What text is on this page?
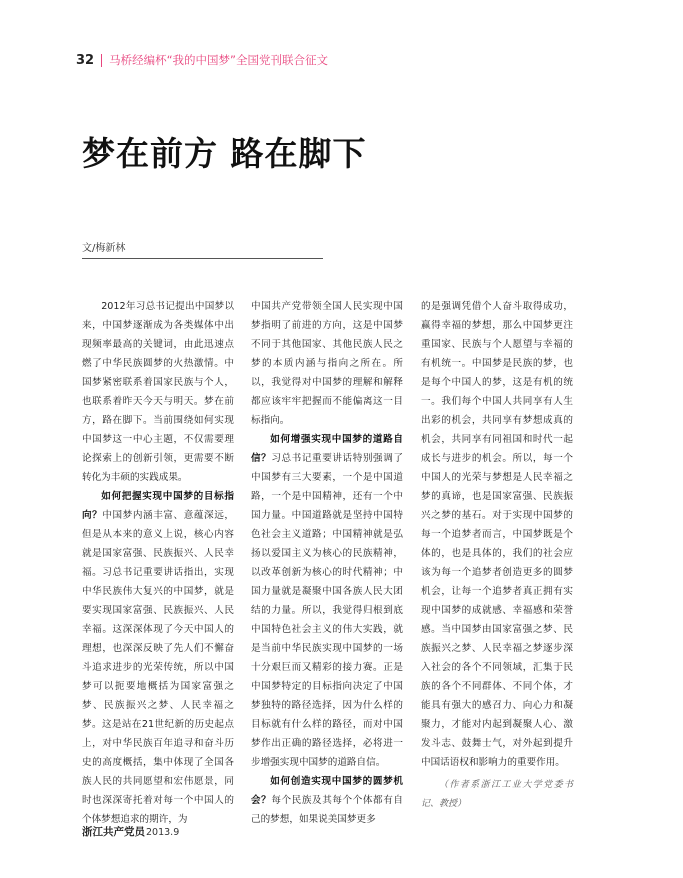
32 马桥经编杯“我的中国梦”全国党刊联合征文
梦在前方 路在脚下
文/梅新林

2012年习总书记提出中国梦以来，中国梦逐渐成为各类媒体中出现频率最高的关键词，由此迅速点燃了中华民族圆梦的火热激情。中国梦紧密联系着国家民族与个人，也联系着昨天今天与明天。梦在前方，路在脚下。当前围绕如何实现中国梦这一中心主题，不仅需要理论探索上的创新引领，更需要不断转化为丰硕的实践成果。

如何把握实现中国梦的目标指向？中国梦内涵丰富、意蕴深远，但是从本来的意义上说，核心内容就是国家富强、民族振兴、人民幸福。习总书记重要讲话指出，实现中华民族伟大复兴的中国梦，就是要实现国家富强、民族振兴、人民幸福。这深深体现了今天中国人的理想，也深深反映了先人们不懈奋斗追求进步的光荣传统，所以中国梦可以扼要地概括为国家富强之梦、民族振兴之梦、人民幸福之梦。这是站在21世纪新的历史起点上，对中华民族百年追寻和奋斗历史的高度概括，集中体现了全国各族人民的共同愿望和宏伟愿景，同时也深深寄托着对每一个中国人的个体梦想追求的期许，为

中国共产党带领全国人民实现中国梦指明了前进的方向，这是中国梦不同于其他国家、其他民族人民之梦的本质内涵与指向之所在。所以，我觉得对中国梦的理解和解释都应该牢牢把握而不能偏离这一目标指向。

如何增强实现中国梦的道路自信？习总书记重要讲话特别强调了中国梦有三大要素，一个是中国道路，一个是中国精神，还有一个中国力量。中国道路就是坚持中国特色社会主义道路；中国精神就是弘扬以爱国主义为核心的民族精神，以改革创新为核心的时代精神；中国力量就是凝聚中国各族人民大团结的力量。所以，我觉得归根到底中国特色社会主义的伟大实践，就是当前中华民族实现中国梦的一场十分艰巨而又精彩的接力赛。正是中国梦特定的目标指向决定了中国梦独特的路径选择，因为什么样的目标就有什么样的路径，而对中国梦作出正确的路径选择，必将进一步增强实现中国梦的道路自信。

如何创造实现中国梦的圆梦机会？每个民族及其每个个体都有自己的梦想，如果说美国梦更多

的是强调凭借个人奋斗取得成功，赢得幸福的梦想，那么中国梦更注重国家、民族与个人愿望与幸福的有机统一。中国梦是民族的梦，也是每个中国人的梦，这是有机的统一。我们每个中国人共同享有人生出彩的机会，共同享有梦想成真的机会，共同享有同祖国和时代一起成长与进步的机会。所以，每一个中国人的光荣与梦想是人民幸福之梦的真谛，也是国家富强、民族振兴之梦的基石。对于实现中国梦的每一个追梦者而言，中国梦既是个体的，也是具体的，我们的社会应该为每一个追梦者创造更多的圆梦机会，让每一个追梦者真正拥有实现中国梦的成就感、幸福感和荣誉感。当中国梦由国家富强之梦、民族振兴之梦、人民幸福之梦逐步深入社会的各个不同领域，汇集于民族的各个不同群体、不同个体，才能具有强大的感召力、向心力和凝聚力，才能对内起到凝聚人心、激发斗志、鼓舞士气，对外起到提升中国话语权和影响力的重要作用。

（作者系浙江工业大学党委书记、教授）

浙江共产党员 2013.9
